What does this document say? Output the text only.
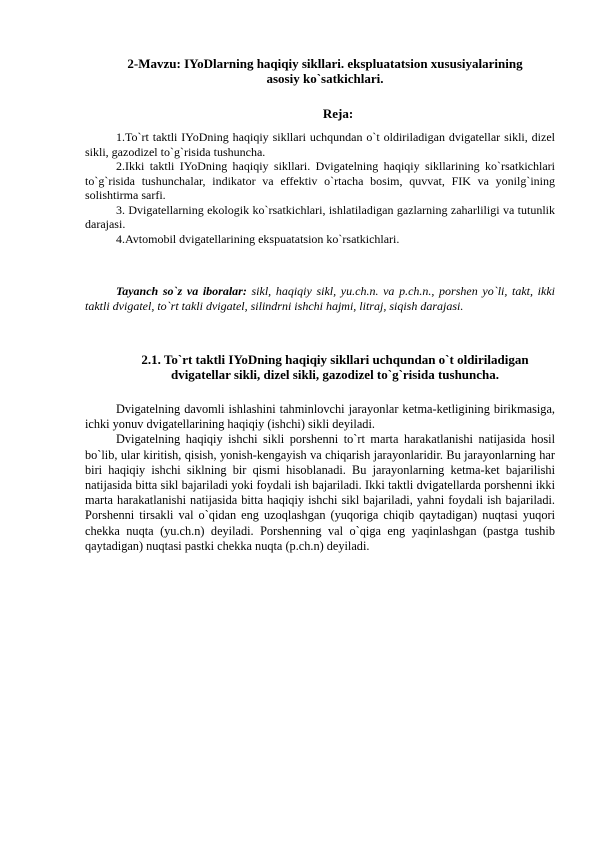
2-Mavzu: IYoDlarning haqiqiy sikllari. ekspluatatsion xususiyalarining
asosiy ko`satkichlari.
Reja:

1.To`rt taktli IYoDning haqiqiy sikllari uchqundan o`t oldiriladigan dvigatellar sikli, dizel sikli, gazodizel to`g`risida tushuncha.

2.Ikki taktli IYoDning haqiqiy sikllari. Dvigatelning haqiqiy sikllarining ko`rsatkichlari to`g`risida tushunchalar, indikator va effektiv o`rtacha bosim, quvvat, FIK va yonilg`ining solishtirma sarfi.

3. Dvigatellarning ekologik ko`rsatkichlari, ishlatiladigan gazlarning zaharliligi va tutunlik darajasi.

4.Avtomobil dvigatellarining ekspuatatsion ko`rsatkichlari.

Tayanch so`z va iboralar: sikl, haqiqiy sikl, yu.ch.n. va p.ch.n., porshen yo`li, takt, ikki taktli dvigatel, to`rt takli dvigatel, silindrni ishchi hajmi, litraj, siqish darajasi.

2.1. To`rt taktli IYoDning haqiqiy sikllari uchqundan o`t oldiriladigan
dvigatellar sikli, dizel sikli, gazodizel to`g`risida tushuncha.

Dvigatelning davomli ishlashini tahminlovchi jarayonlar ketma-ketligining birikmasiga, ichki yonuv dvigatellarining haqiqiy (ishchi) sikli deyiladi.

Dvigatelning haqiqiy ishchi sikli porshenni to`rt marta harakatlanishi natijasida hosil bo`lib, ular kiritish, qisish, yonish-kengayish va chiqarish jarayonlaridir. Bu jarayonlarning har biri haqiqiy ishchi siklning bir qismi hisoblanadi. Bu jarayonlarning ketma-ket bajarilishi natijasida bitta sikl bajariladi yoki foydali ish bajariladi. Ikki taktli dvigatellarda porshenni ikki marta harakatlanishi natijasida bitta haqiqiy ishchi sikl bajariladi, yahni foydali ish bajariladi. Porshenni tirsakli val o`qidan eng uzoqlashgan (yuqoriga chiqib qaytadigan) nuqtasi yuqori chekka nuqta (yu.ch.n) deyiladi. Porshenning val o`qiga eng yaqinlashgan (pastga tushib qaytadigan) nuqtasi pastki chekka nuqta (p.ch.n) deyiladi.
